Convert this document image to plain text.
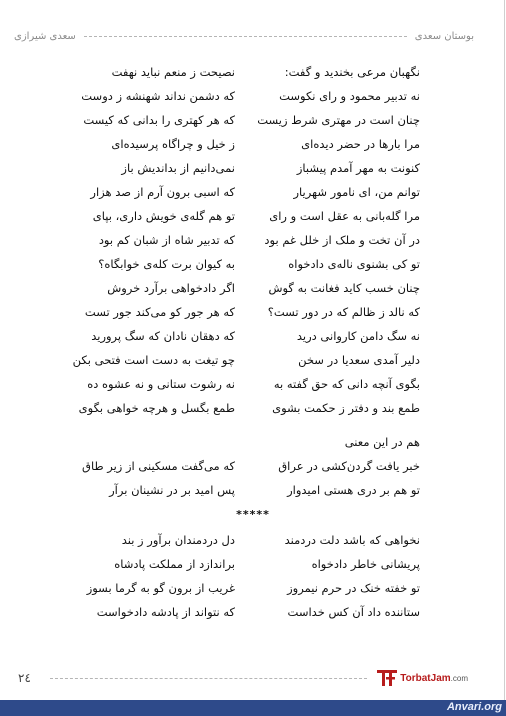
بوستان سعدی
سعدی شیرازی
نگهبان مرعی بخندید و گفت:
نصیحت ز منعم نباید نهفت
نه تدبیر محمود و رای نکوست
که دشمن نداند شهنشه ز دوست
چنان است در مهتری شرط زیست
که هر کهتری را بدانی که کیست
مرا بارها در حضر دیده‌ای
ز خیل و چراگاه پرسیده‌ای
کنونت به مهر آمدم پیشباز
نمی‌دانیم از بداندیش باز
توانم من، ای نامور شهریار
که اسبی برون آرم از صد هزار
مرا گله‌بانی به عقل است و رای
تو هم گله‌ی خویش داری، بپای
در آن تخت و ملک از خلل غم بود
که تدبیر شاه از شبان کم بود
تو کی بشنوی ناله‌ی دادخواه
به کیوان برت کله‌ی خوابگاه؟
چنان خسب کاید فغانت به گوش
اگر دادخواهی برآرد خروش
که نالد ز ظالم که در دور تست؟
که هر جور کو می‌کند جور تست
نه سگ دامن کاروانی درید
که دهقان نادان که سگ پرورید
دلیر آمدی سعدیا در سخن
چو تیغت به دست است فتحی بکن
بگوی آنچه دانی که حق گفته به
نه رشوت ستانی و نه عشوه ده
طمع بند و دفتر ز حکمت بشوی
طمع بگسل و هرچه خواهی بگوی
هم در این معنی
خبر یافت گردن‌کشی در عراق
که می‌گفت مسکینی از زیر طاق
تو هم بر دری هستی امیدوار
پس امید بر در نشینان برآر
*****
نخواهی که باشد دلت دردمند
دل دردمندان برآور ز بند
پریشانی خاطر دادخواه
براندازد از مملکت پادشاه
تو خفته خنک در حرم نیمروز
غریب از برون گو به گرما بسوز
ستاننده داد آن کس خداست
که نتواند از پادشه دادخواست
٢٤	TorbatJam.com
Anvari.org
